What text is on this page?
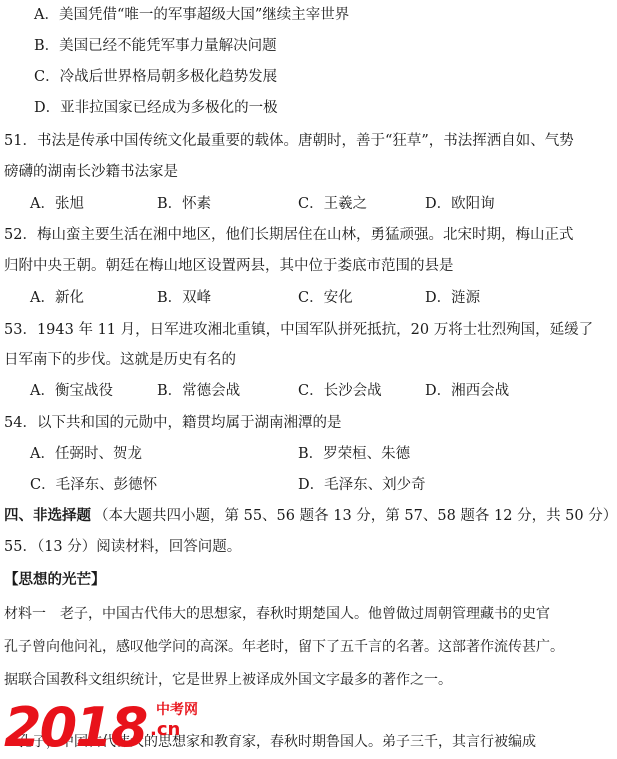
A．美国凭借“唯一的军事超级大国”继续主宰世界
B．美国已经不能凭军事力量解决问题
C．冷战后世界格局朝多极化趋势发展
D．亚非拉国家已经成为多极化的一极
51．书法是传承中国传统文化最重要的载体。唐朝时，善于“狂草”，书法挥洒自如、气势
磅礴的湖南长沙籍书法家是
A．张旭	B．怀素	C．王羲之	D．欧阳询
52．梅山蛮主要生活在湘中地区，他们长期居住在山林，勇猛顽强。北宋时期，梅山正式
归附中央王朝。朝廷在梅山地区设置两县，其中位于娄底市范围的县是
A．新化	B．双峰	C．安化	D．涟源
53．1943 年 11 月，日军进攻湘北重镇，中国军队拼死抵抗，20 万将士壮烈殉国，延缓了
日军南下的步伐。这就是历史有名的
A．衡宝战役	B．常德会战	C．长沙会战	D．湘西会战
54．以下共和国的元勋中，籍贯均属于湖南湘潭的是
A．任弼时、贺龙	B．罗荣桓、朱德
C．毛泽东、彭德怀	D．毛泽东、刘少奇
四、非选择题 （本大题共四小题，第 55、56 题各 13 分，第 57、58 题各 12 分，共 50 分）
55．（13 分）阅读材料，回答问题。
【思想的光芒】
材料一　老子，中国古代伟大的思想家，春秋时期楚国人。他曾做过周朝管理藏书的史官
孔子曾向他问礼，感叹他学问的高深。年老时，留下了五千言的名著。这部著作流传甚广。
据联合国教科文组织统计，它是世界上被译成外国文字最多的著作之一。
　孔子，中国古代伟大的思想家和教育家，春秋时期鲁国人。弟子三千，其言行被编成
2018 中考网
.cn
